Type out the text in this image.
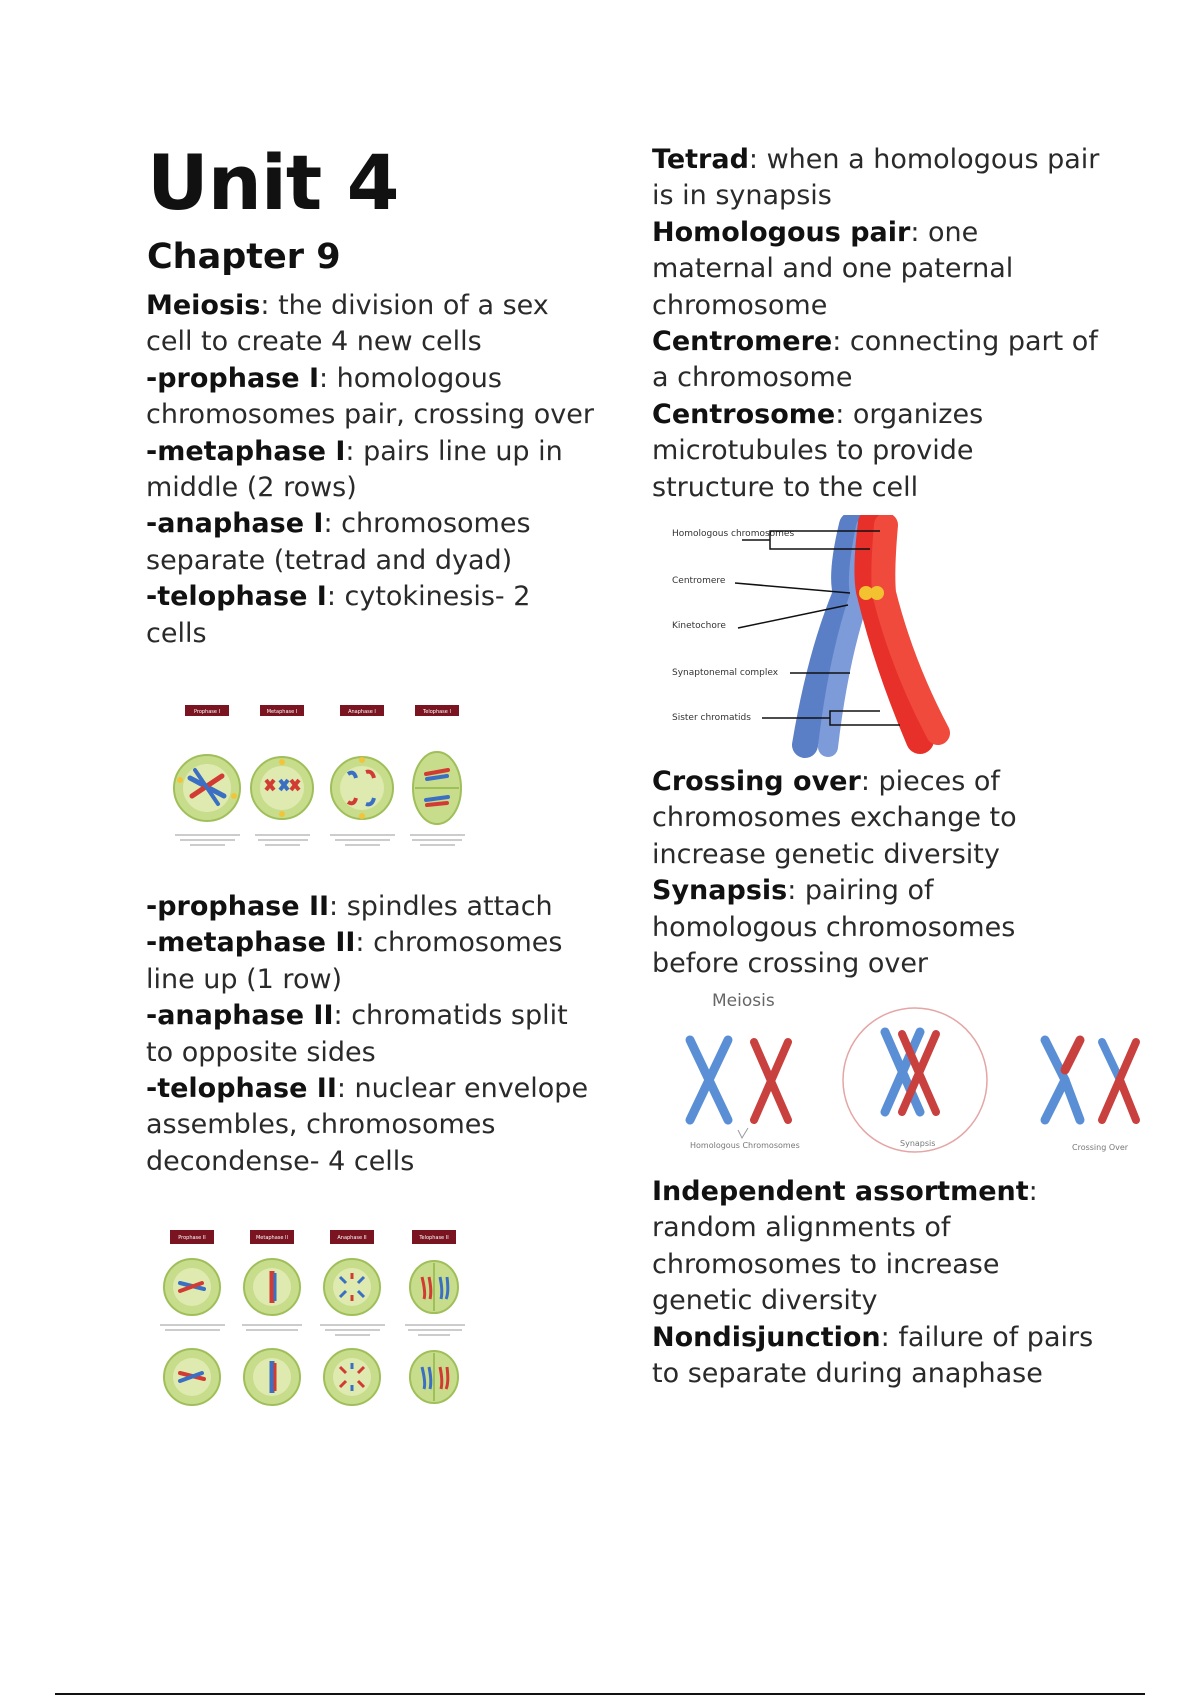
Unit 4
Chapter 9

Meiosis: the division of a sex cell to create 4 new cells

-prophase I: homologous chromosomes pair, crossing over

-metaphase I: pairs line up in middle (2 rows)

-anaphase I: chromosomes separate (tetrad and dyad)

-telophase I: cytokinesis- 2 cells

Prophase I	Metaphase I	Anaphase I	Telophase I

-prophase II: spindles attach

-metaphase II: chromosomes line up (1 row)

-anaphase II: chromatids split to opposite sides

-telophase II: nuclear envelope assembles, chromosomes decondense- 4 cells

Prophase II	Metaphase II	Anaphase II	Telophase II

Tetrad: when a homologous pair is in synapsis

Homologous pair: one maternal and one paternal chromosome

Centromere: connecting part of a chromosome

Centrosome: organizes microtubules to provide structure to the cell

Homologous chromosomes
Centromere
Kinetochore
Synaptonemal complex
Sister chromatids

Crossing over: pieces of chromosomes exchange to increase genetic diversity

Synapsis: pairing of homologous chromosomes before crossing over

Meiosis
Homologous Chromosomes	Synapsis	Crossing Over

Independent assortment: random alignments of chromosomes to increase genetic diversity

Nondisjunction: failure of pairs to separate during anaphase
